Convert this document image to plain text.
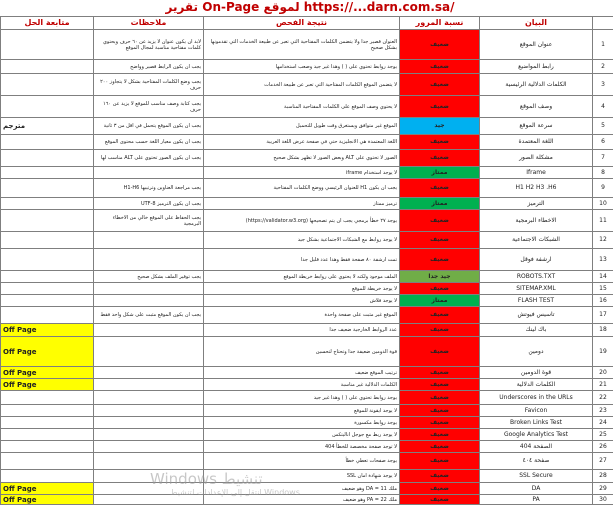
تقرير On-Page لموقع https://...darn.com.sa/
متابعة الحل	ملاحظات	نتيجة الفحص	نسبة المرور	البيان	
	لابد ان يكون عنوان لا يزيد عن ٦٠ حرف ويحتوي كلمات مفتاحية مناسبة لمجال الموقع	العنوان قصير جدا ولا يتضمن الكلمات المفتاحية التي تعبر عن طبيعة الخدمات التي تقدمونها بشكل صحيح	ضعيف	عنوان الموقع	1
	يجب ان يكون الرابط قصير وواضح	يوجد روابط تحتوي على ( ) وهذا غير جيد وصعب استخدامها	ضعيف	رابط المواضيع	2
	يجب وضع الكلمات المفتاحية بشكل لا يتجاوز ٢٠٠ حرف	لا يتضمن الموقع الكلمات المفتاحية التي تعبر عن طبيعة الخدمات	ضعيف	الكلمات الدلالية الرئيسية	3
	يجب كتابة وصف مناسب للموقع لا يزيد عن ١٦٠ حرف	لا يحتوي وصف الموقع على الكلمات المفتاحية المناسبة	ضعيف	وصف الموقع	4
مترجم	يجب ان يكون الموقع يتحمل في اقل من ٣ ثانية	الموقع غير متوافق ويستغرق وقت طويل للتحميل	جيد	سرعة الموقع	5
	يجب ان يكون معيار اللغة حسب محتوى الموقع	اللغة المعتمدة هي الانجليزية حتي في صفحة عرض اللغة العربية	ضعيف	اللغة المعتمدة	6
	يجب ان يكون الصور تحتوي على ALT مناسب لها	الصور لا تحتوي على ALT وبعض الصور لا تظهر بشكل صحيح	ضعيف	مشكلة الصور	7
		لا يوجد استخدام iframe	ممتاز	Iframe	8
	يجب مراجعة العناوين وترتيبها H1-H6	يجب ان يكون H1 للعنوان الرئيسي ووضع الكلمات المفتاحية	ضعيف	H1 H2 H3 .H6	9
	يجب ان يكون الترميز UTF-8	ترميز ممتاز	ممتاز	الترميز	10
	يجب الحفاظ على الموقع خالي من الاخطاء البرمجية	يوجد ٢٧ خطأ برمجي يجب ان يتم تصحيحها (https://validator.w3.org)	ضعيف	الاخطاء البرمجية	11
		لا يوجد روابط مع الشبكات الاجتماعية بشكل جيد	ضعيف	الشبكات الاجتماعية	12
		تمت ارشفة ٨٠ صفحة فقط وهذا عدد قليل جدا	ضعيف	ارشفة فوقل	13
	يجب توفير الملف بشكل صحيح	الملف موجود ولكنه لا يحتوي على روابط خريطة الموقع	جيد جدا	ROBOTS.TXT	14
		لا يوجد خريطة للموقع	ضعيف	SITEMAP.XML	15
		لا يوجد فلاش	ممتاز	FLASH TEST	16
	يجب ان يكون الموقع مثبت على شكل واحد فقط	الموقع غير مثبت على صفحة واحدة	ضعيف	تاسيس فيوتش	17
Off Page		عدد الروابط الخارجية ضعيف جدا	ضعيف	باك لينك	18
Off Page		قوة الدومين ضعيفة جدا وتحتاج لتحسين	ضعيف	دومين	19
Off Page		ترتيب الموقع ضعيف	ضعيف	قوة الدومين	20
Off Page		الكلمات الدلالية غير مناسبة	ضعيف	الكلمات الدلالية	21
		يوجد روابط تحتوي على ( ) وهذا غير جيد	ضعيف	Underscores in the URLs	22
		لا يوجد ايقونة للموقع	ضعيف	Favicon	23
		يوجد روابط مكسورة	ضعيف	Broken Links Test	24
		لا يوجد ربط مع جوجل اناليتكس	ضعيف	Google Analytics Test	25
		لا توجد صفحة مخصصة للخطأ 404	ضعيف	الصفحة 404	26
		يوجد صفحات تعطي خطأ	ضعيف	صفحة ٤٠٤	27
		لا يوجد شهادة امان SSL	ضعيف	SSL Secure	28
Off Page		ملك DA = 11 وهو ضعيف	ضعيف	DA	29
Off Page		ملك PA = 22 وهو ضعيف	ضعيف	PA	30
Windows تنشيط
انتقل إلى الإعدادات لتنشيط Windows
